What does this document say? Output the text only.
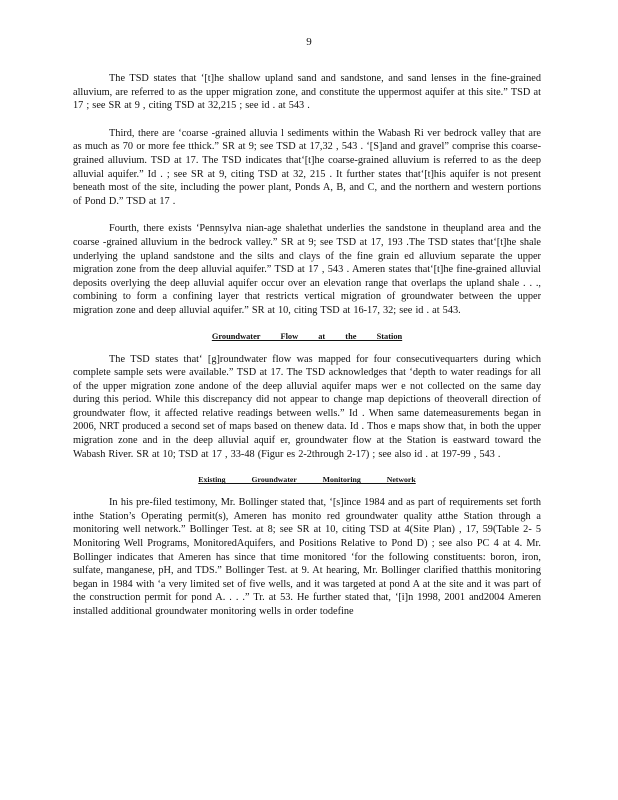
9

The TSD states that ‘[t]he shallow upland sand and sandstone, and sand lenses in the fine-grained alluvium, are referred to as the upper migration zone, and constitute the uppermost aquifer at this site.” TSD at 17 ; see SR at 9 , citing TSD at 32,215 ; see id . at 543 .

Third, there are ‘coarse -grained alluvia l sediments within the Wabash Ri ver bedrock valley that are as much as 70 or more fee tthick.” SR at 9; see TSD at 17,32 , 543 . ‘[S]and and gravel” comprise this coarse-grained alluvium. TSD at 17. The TSD indicates that‘[t]he coarse-grained alluvium is referred to as the deep alluvial aquifer.” Id . ; see SR at 9, citing TSD at 32, 215 . It further states that‘[t]his aquifer is not present beneath most of the site, including the power plant, Ponds A, B, and C, and the northern and western portions of Pond D.” TSD at 17 .

Fourth, there exists ‘Pennsylva nian-age shalethat underlies the sandstone in theupland area and the coarse -grained alluvium in the bedrock valley.” SR at 9; see TSD at 17, 193 .The TSD states that‘[t]he shale underlying the upland sandstone and the silts and clays of the fine grain ed alluvium separate the upper migration zone from the deep alluvial aquifer.” TSD at 17 , 543 . Ameren states that‘[t]he fine-grained alluvial deposits overlying the deep alluvial aquifer occur over an elevation range that overlaps the upland shale . . ., combining to form a confining layer that restricts vertical migration of groundwater between the upper migration zone and deep alluvial aquifer.” SR at 10, citing TSD at 16-17, 32; see id . at 543.

Groundwater Flow at the Station

The TSD states that‘ [g]roundwater flow was mapped for four consecutivequarters during which complete sample sets were available.” TSD at 17. The TSD acknowledges that ‘depth to water readings for all of the upper migration zone andone of the deep alluvial aquifer maps wer e not collected on the same day during this period. While this discrepancy did not appear to change map depictions of theoverall direction of groundwater flow, it affected relative readings between wells.” Id . When same datemeasurements began in 2006, NRT produced a second set of maps based on thenew data. Id . Thos e maps show that, in both the upper migration zone and in the deep alluvial aquif er, groundwater flow at the Station is eastward toward the Wabash River. SR at 10; TSD at 17 , 33-48 (Figur es 2-2through 2-17) ; see also id . at 197-99 , 543 .

Existing Groundwater Monitoring Network

In his pre-filed testimony, Mr. Bollinger stated that, ‘[s]ince 1984 and as part of requirements set forth inthe Station’s Operating permit(s), Ameren has monito red groundwater quality atthe Station through a monitoring well network.” Bollinger Test. at 8; see SR at 10, citing TSD at 4(Site Plan) , 17, 59(Table 2- 5 Monitoring Well Programs, MonitoredAquifers, and Positions Relative to Pond D) ; see also PC 4 at 4. Mr. Bollinger indicates that Ameren has since that time monitored ‘for the following constituents: boron, iron, sulfate, manganese, pH, and TDS.” Bollinger Test. at 9. At hearing, Mr. Bollinger clarified thatthis monitoring began in 1984 with ‘a very limited set of five wells, and it was targeted at pond A at the site and it was part of the construction permit for pond A. . . .” Tr. at 53. He further stated that, ‘[i]n 1998, 2001 and2004 Ameren installed additional groundwater monitoring wells in order todefine
